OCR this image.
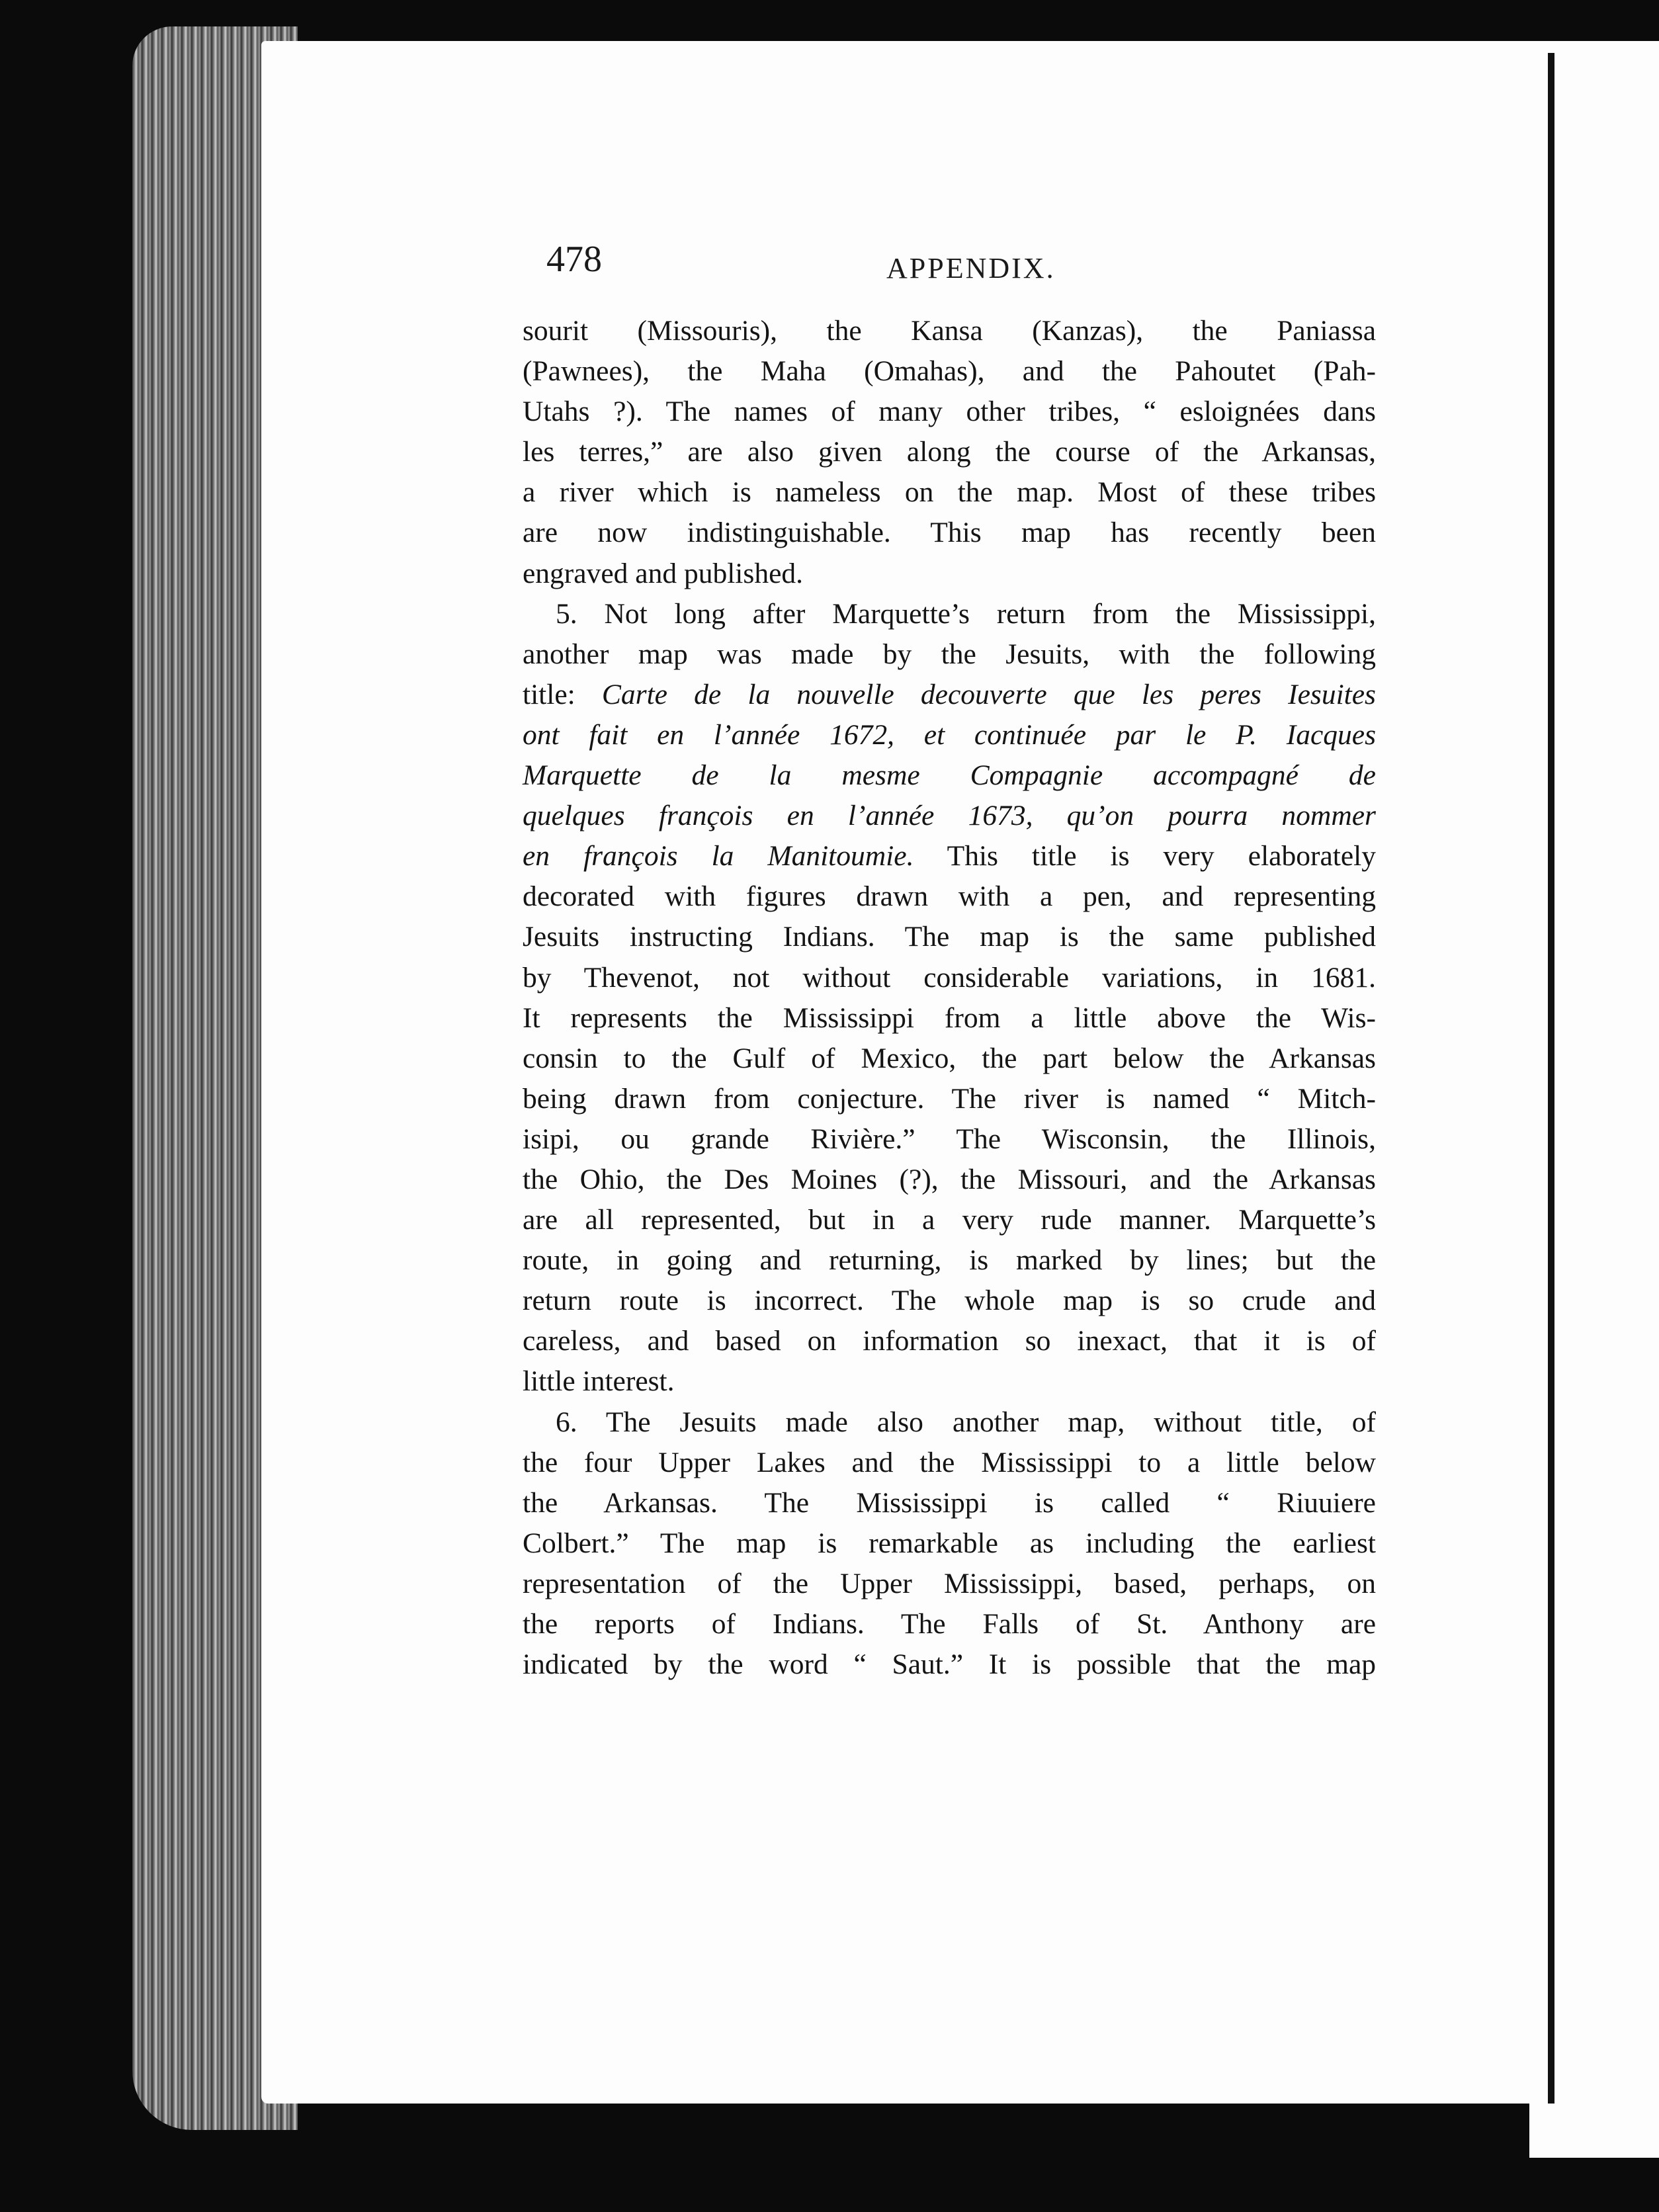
478	APPENDIX.
sourit (Missouris), the Kansa (Kanzas), the Paniassa
(Pawnees), the Maha (Omahas), and the Pahoutet (Pah-
Utahs ?). The names of many other tribes, “ esloignées dans
les terres,” are also given along the course of the Arkansas,
a river which is nameless on the map. Most of these tribes
are now indistinguishable. This map has recently been
engraved and published.
5. Not long after Marquette’s return from the Mississippi,
another map was made by the Jesuits, with the following
title: Carte de la nouvelle decouverte que les peres Iesuites
ont fait en l’année 1672, et continuée par le P. Iacques
Marquette de la mesme Compagnie accompagné de
quelques françois en l’année 1673, qu’on pourra nommer
en françois la Manitoumie. This title is very elaborately
decorated with figures drawn with a pen, and representing
Jesuits instructing Indians. The map is the same published
by Thevenot, not without considerable variations, in 1681.
It represents the Mississippi from a little above the Wis-
consin to the Gulf of Mexico, the part below the Arkansas
being drawn from conjecture. The river is named “ Mitch-
isipi, ou grande Rivière.” The Wisconsin, the Illinois,
the Ohio, the Des Moines (?), the Missouri, and the Arkansas
are all represented, but in a very rude manner. Marquette’s
route, in going and returning, is marked by lines; but the
return route is incorrect. The whole map is so crude and
careless, and based on information so inexact, that it is of
little interest.
6. The Jesuits made also another map, without title, of
the four Upper Lakes and the Mississippi to a little below
the Arkansas. The Mississippi is called “ Riuuiere
Colbert.” The map is remarkable as including the earliest
representation of the Upper Mississippi, based, perhaps, on
the reports of Indians. The Falls of St. Anthony are
indicated by the word “ Saut.” It is possible that the map
